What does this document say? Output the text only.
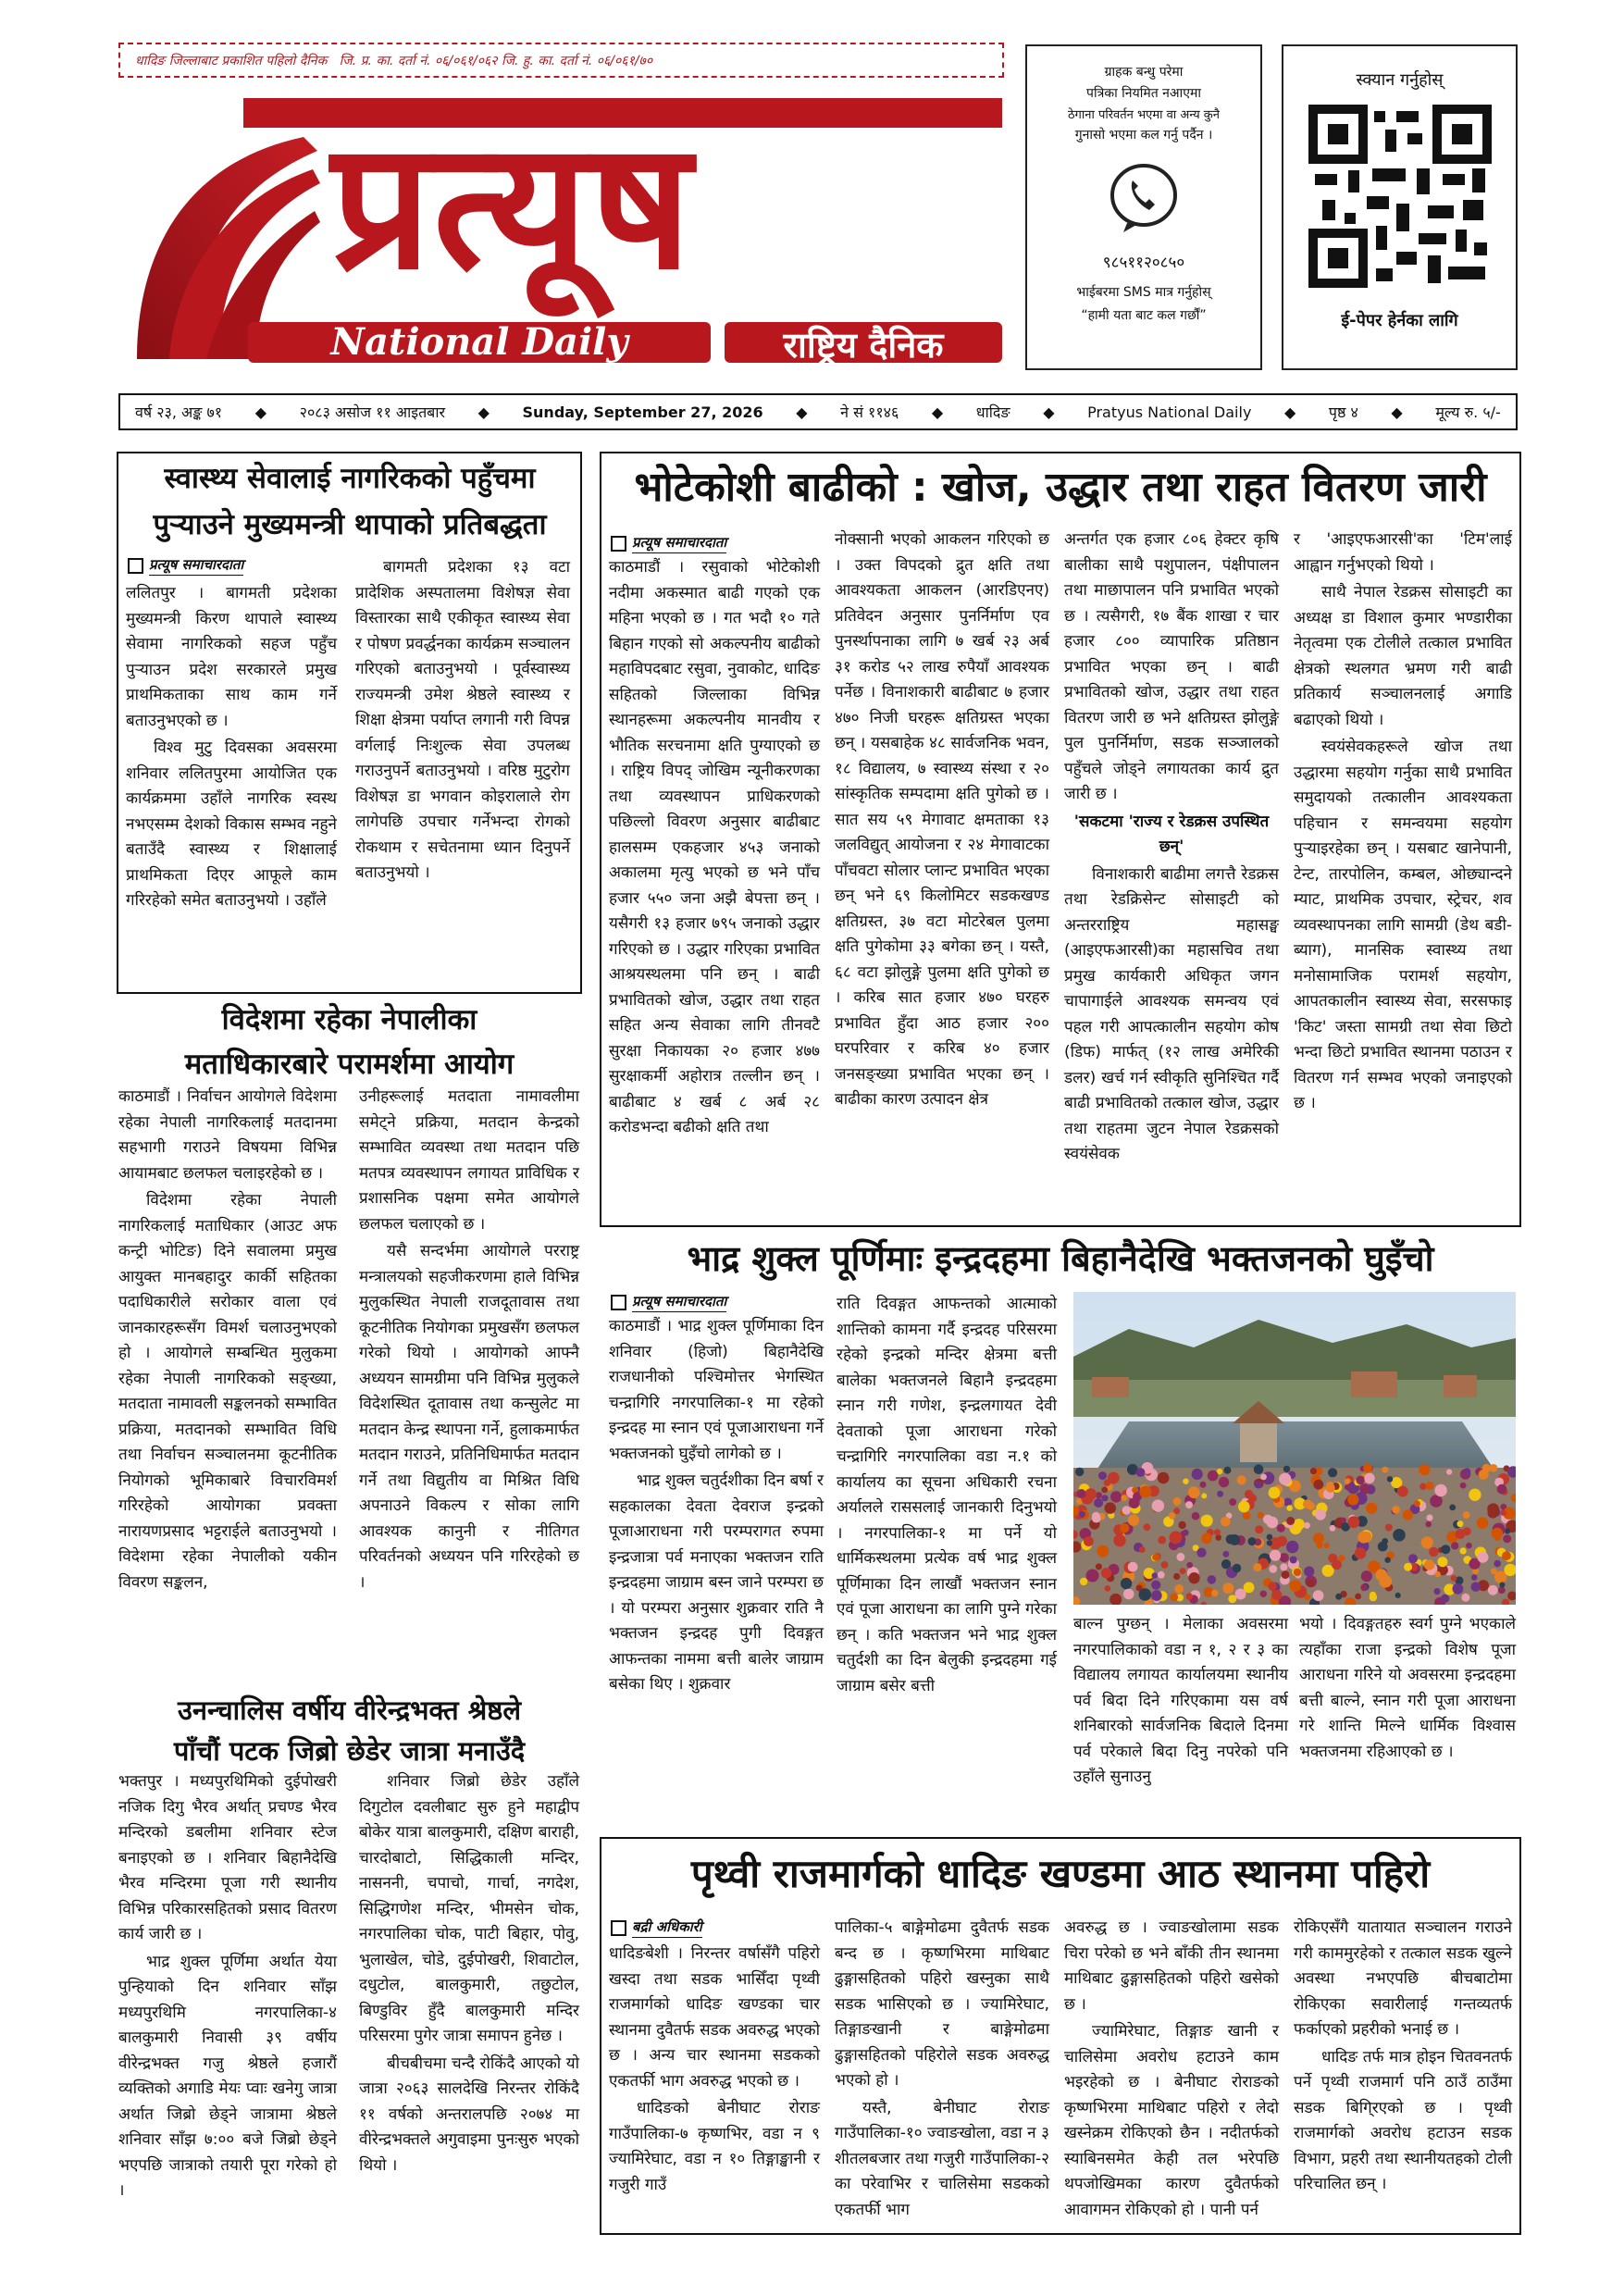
धादिङ जिल्लाबाट प्रकाशित पहिलो दैनिक   जि. प्र. का. दर्ता नं. ०६/०६१/०६२ जि. हु. का. दर्ता नं. ०६/०६१/७०
प्रत्यूष
National Daily	राष्ट्रिय दैनिक
ग्राहक बन्धु परेमा
पत्रिका नियमित नआएमा
ठेगाना परिवर्तन भएमा वा अन्य कुनै
गुनासो भएमा कल गर्नु पर्दैन ।
९८५११२०८५०
भाईबरमा SMS मात्र गर्नुहोस्
“हामी यता बाट कल गर्छौं”
स्क्यान गर्नुहोस्
ई-पेपर हेर्नका लागि
वर्ष २३, अङ्क ७१ ◆ २०८३ असोज ११ आइतबार ◆ Sunday, September 27, 2026 ◆ ने सं ११४६ ◆ धादिङ ◆ Pratyus National Daily ◆ पृष्ठ ४ ◆ मूल्य रु. ५/-
स्वास्थ्य सेवालाई नागरिकको पहुँचमा
पुर्‍याउने मुख्यमन्त्री थापाको प्रतिबद्धता
प्रत्यूष समाचारदाता

ललितपुर । बागमती प्रदेशका मुख्यमन्त्री किरण थापाले स्वास्थ्य सेवामा नागरिकको सहज पहुँच पुर्‍याउन प्रदेश सरकारले प्रमुख प्राथमिकताका साथ काम गर्ने बताउनुभएको छ ।

विश्व मुटु दिवसका अवसरमा शनिवार ललितपुरमा आयोजित एक कार्यक्रममा उहाँले नागरिक स्वस्थ नभएसम्म देशको विकास सम्भव नहुने बताउँदै स्वास्थ्य र शिक्षालाई प्राथमिकता दिएर आफूले काम गरिरहेको समेत बताउनुभयो । उहाँले

बागमती प्रदेशका १३ वटा प्रादेशिक अस्पतालमा विशेषज्ञ सेवा विस्तारका साथै एकीकृत स्वास्थ्य सेवा र पोषण प्रवर्द्धनका कार्यक्रम सञ्चालन गरिएको बताउनुभयो । पूर्वस्वास्थ्य राज्यमन्त्री उमेश श्रेष्ठले स्वास्थ्य र शिक्षा क्षेत्रमा पर्याप्त लगानी गरी विपन्न वर्गलाई निःशुल्क सेवा उपलब्ध गराउनुपर्ने बताउनुभयो । वरिष्ठ मुटुरोग विशेषज्ञ डा भगवान कोइरालाले रोग लागेपछि उपचार गर्नेभन्दा रोगको रोकथाम र सचेतनामा ध्यान दिनुपर्ने बताउनुभयो ।

भोटेकोशी बाढीको : खोज, उद्धार तथा राहत वितरण जारी
प्रत्यूष समाचारदाता

काठमाडौं । रसुवाको भोटेकोशी नदीमा अकस्मात बाढी गएको एक महिना भएको छ । गत भदौ १० गते बिहान गएको सो अकल्पनीय बाढीको महाविपदबाट रसुवा, नुवाकोट, धादिङ सहितको जिल्लाका विभिन्न स्थानहरूमा अकल्पनीय मानवीय र भौतिक सरचनामा क्षति पुग्याएको छ । राष्ट्रिय विपद् जोखिम न्यूनीकरणका तथा व्यवस्थापन प्राधिकरणको पछिल्लो विवरण अनुसार बाढीबाट हालसम्म एकहजार ४५३ जनाको अकालमा मृत्यु भएको छ भने पाँच हजार ५५० जना अझै बेपत्ता छन् । यसैगरी १३ हजार ७९५ जनाको उद्धार गरिएको छ । उद्धार गरिएका प्रभावित आश्रयस्थलमा पनि छन् । बाढी प्रभावितको खोज, उद्धार तथा राहत सहित अन्य सेवाका लागि तीनवटै सुरक्षा निकायका २० हजार ४७७ सुरक्षाकर्मी अहोरात्र तल्लीन छन् । बाढीबाट ४ खर्ब ८ अर्ब २८ करोडभन्दा बढीको क्षति तथा

नोक्सानी भएको आकलन गरिएको छ । उक्त विपदको द्रुत क्षति तथा आवश्यकता आकलन (आरडिएनए) प्रतिवेदन अनुसार पुनर्निर्माण एव पुनर्स्थापनाका लागि ७ खर्ब २३ अर्ब ३१ करोड ५२ लाख रुपैयाँ आवश्यक पर्नेछ । विनाशकारी बाढीबाट ७ हजार ४७० निजी घरहरू क्षतिग्रस्त भएका छन् । यसबाहेक ४८ सार्वजनिक भवन, १८ विद्यालय, ७ स्वास्थ्य संस्था र २० सांस्कृतिक सम्पदामा क्षति पुगेको छ । सात सय ५९ मेगावाट क्षमताका १३ जलविद्युत् आयोजना र २४ मेगावाटका पाँचवटा सोलार प्लान्ट प्रभावित भएका छन् भने ६९ किलोमिटर सडकखण्ड क्षतिग्रस्त, ३७ वटा मोटरेबल पुलमा क्षति पुगेकोमा ३३ बगेका छन् । यस्तै, ६८ वटा झोलुङ्गे पुलमा क्षति पुगेको छ । करिब सात हजार ४७० घरहरु प्रभावित हुँदा आठ हजार २०० घरपरिवार र करिब ४० हजार जनसङ्ख्या प्रभावित भएका छन् । बाढीका कारण उत्पादन क्षेत्र

अन्तर्गत एक हजार ८०६ हेक्टर कृषि बालीका साथै पशुपालन, पंक्षीपालन तथा माछापालन पनि प्रभावित भएको छ । त्यसैगरी, १७ बैंक शाखा र चार हजार ८०० व्यापारिक प्रतिष्ठान प्रभावित भएका छन् । बाढी प्रभावितको खोज, उद्धार तथा राहत वितरण जारी छ भने क्षतिग्रस्त झोलुङ्गे पुल पुनर्निर्माण, सडक सञ्जालको पहुँचले जोड्ने लगायतका कार्य द्रुत जारी छ ।

'सकटमा 'राज्य र रेडक्रस उपस्थित छन्'

विनाशकारी बाढीमा लगत्तै रेडक्रस तथा रेडक्रिसेन्ट सोसाइटी को अन्तरराष्ट्रिय महासङ्घ (आइएफआरसी)का महासचिव तथा प्रमुख कार्यकारी अधिकृत जगन चापागाईले आवश्यक समन्वय एवं पहल गरी आपत्कालीन सहयोग कोष (डिफ) मार्फत् (१२ लाख अमेरिकी डलर) खर्च गर्न स्वीकृति सुनिश्चित गर्दै बाढी प्रभावितको तत्काल खोज, उद्धार तथा राहतमा जुटन नेपाल रेडक्रसको स्वयंसेवक

र 'आइएफआरसी'का 'टिम'लाई आह्वान गर्नुभएको थियो ।

साथै नेपाल रेडक्रस सोसाइटी का अध्यक्ष डा विशाल कुमार भण्डारीका नेतृत्वमा एक टोलीले तत्काल प्रभावित क्षेत्रको स्थलगत भ्रमण गरी बाढी प्रतिकार्य सञ्चालनलाई अगाडि बढाएको थियो ।

स्वयंसेवकहरूले खोज तथा उद्धारमा सहयोग गर्नुका साथै प्रभावित समुदायको तत्कालीन आवश्यकता पहिचान र समन्वयमा सहयोग पुर्‍याइरहेका छन् । यसबाट खानेपानी, टेन्ट, तारपोलिन, कम्बल, ओछ्यान्दने म्याट, प्राथमिक उपचार, स्ट्रेचर, शव व्यवस्थापनका लागि सामग्री (डेथ बडी-ब्याग), मानसिक स्वास्थ्य तथा मनोसामाजिक परामर्श सहयोग, आपतकालीन स्वास्थ्य सेवा, सरसफाइ 'किट' जस्ता सामग्री तथा सेवा छिटो भन्दा छिटो प्रभावित स्थानमा पठाउन र वितरण गर्न सम्भव भएको जनाइएको छ ।

विदेशमा रहेका नेपालीका
मताधिकारबारे परामर्शमा आयोग

काठमाडौं । निर्वाचन आयोगले विदेशमा रहेका नेपाली नागरिकलाई मतदानमा सहभागी गराउने विषयमा विभिन्न आयामबाट छलफल चलाइरहेको छ ।

विदेशमा रहेका नेपाली नागरिकलाई मताधिकार (आउट अफ कन्ट्री भोटिङ) दिने सवालमा प्रमुख आयुक्त मानबहादुर कार्की सहितका पदाधिकारीले सरोकार वाला एवं जानकारहरूसँग विमर्श चलाउनुभएको हो । आयोगले सम्बन्धित मुलुकमा रहेका नेपाली नागरिकको सङ्ख्या, मतदाता नामावली सङ्कलनको सम्भावित प्रक्रिया, मतदानको सम्भावित विधि तथा निर्वाचन सञ्चालनमा कूटनीतिक नियोगको भूमिकाबारे विचारविमर्श गरिरहेको आयोगका प्रवक्ता नारायणप्रसाद भट्टराईले बताउनुभयो । विदेशमा रहेका नेपालीको यकीन विवरण सङ्कलन,

उनीहरूलाई मतदाता नामावलीमा समेट्ने प्रक्रिया, मतदान केन्द्रको सम्भावित व्यवस्था तथा मतदान पछि मतपत्र व्यवस्थापन लगायत प्राविधिक र प्रशासनिक पक्षमा समेत आयोगले छलफल चलाएको छ ।

यसै सन्दर्भमा आयोगले परराष्ट्र मन्त्रालयको सहजीकरणमा हाले विभिन्न मुलुकस्थित नेपाली राजदूतावास तथा कूटनीतिक नियोगका प्रमुखसँग छलफल गरेको थियो । आयोगको आफ्नै अध्ययन सामग्रीमा पनि विभिन्न मुलुकले विदेशस्थित दूतावास तथा कन्सुलेट मा मतदान केन्द्र स्थापना गर्ने, हुलाकमार्फत मतदान गराउने, प्रतिनिधिमार्फत मतदान गर्ने तथा विद्युतीय वा मिश्रित विधि अपनाउने विकल्प र सोका लागि आवश्यक कानुनी र नीतिगत परिवर्तनको अध्ययन पनि गरिरहेको छ ।

उनन्चालिस वर्षीय वीरेन्द्रभक्त श्रेष्ठले
पाँचौं पटक जिब्रो छेडेर जात्रा मनाउँदै

भक्तपुर । मध्यपुरथिमिको दुईपोखरी नजिक दिगु भैरव अर्थात् प्रचण्ड भैरव मन्दिरको डबलीमा शनिवार स्टेज बनाइएको छ । शनिवार बिहानैदेखि भैरव मन्दिरमा पूजा गरी स्थानीय विभिन्न परिकारसहितको प्रसाद वितरण कार्य जारी छ ।

भाद्र शुक्ल पूर्णिमा अर्थात येया पुन्हियाको दिन शनिवार साँझ मध्यपुरथिमि नगरपालिका-४ बालकुमारी निवासी ३९ वर्षीय वीरेन्द्रभक्त गजु श्रेष्ठले हजारौं व्यक्तिको अगाडि मेयः प्वाः खनेगु जात्रा अर्थात जिब्रो छेड्ने जात्रामा श्रेष्ठले शनिवार साँझ ७:०० बजे जिब्रो छेड्ने भएपछि जात्राको तयारी पूरा गरेको हो ।

शनिवार जिब्रो छेडेर उहाँले दिगुटोल दवलीबाट सुरु हुने महाद्वीप बोकेर यात्रा बालकुमारी, दक्षिण बाराही, चारदोबाटो, सिद्धिकाली मन्दिर, नासननी, चपाचो, गार्चा, नगदेश, सिद्धिगणेश मन्दिर, भीमसेन चोक, नगरपालिका चोक, पाटी बिहार, पोवु, भुलाखेल, चोडे, दुईपोखरी, शिवाटोल, दधुटोल, बालकुमारी, तछुटोल, बिण्डुविर हुँदै बालकुमारी मन्दिर परिसरमा पुगेर जात्रा समापन हुनेछ ।

बीचबीचमा चन्दै रोकिंदै आएको यो जात्रा २०६३ सालदेखि निरन्तर रोकिंदै ११ वर्षको अन्तरालपछि २०७४ मा वीरेन्द्रभक्तले अगुवाइमा पुनःसुरु भएको थियो ।

भाद्र शुक्ल पूर्णिमाः इन्द्रदहमा बिहानैदेखि भक्तजनको घुइँचो
प्रत्यूष समाचारदाता

काठमाडौं । भाद्र शुक्ल पूर्णिमाका दिन शनिवार (हिजो) बिहानैदेखि राजधानीको पश्चिमोत्तर भेगस्थित चन्द्रागिरि नगरपालिका-१ मा रहेको इन्द्रदह मा स्नान एवं पूजाआराधना गर्ने भक्तजनको घुइँचो लागेको छ ।

भाद्र शुक्ल चतुर्दशीका दिन बर्षा र सहकालका देवता देवराज इन्द्रको पूजाआराधना गरी परम्परागत रुपमा इन्द्रजात्रा पर्व मनाएका भक्तजन राति इन्द्रदहमा जाग्राम बस्न जाने परम्परा छ । यो परम्परा अनुसार शुक्रवार राति नै भक्तजन इन्द्रदह पुगी दिवङ्गत आफन्तका नाममा बत्ती बालेर जाग्राम बसेका थिए । शुक्रवार

राति दिवङ्गत आफन्तको आत्माको शान्तिको कामना गर्दै इन्द्रदह परिसरमा रहेको इन्द्रको मन्दिर क्षेत्रमा बत्ती बालेका भक्तजनले बिहानै इन्द्रदहमा स्नान गरी गणेश, इन्द्रलगायत देवी देवताको पूजा आराधना गरेको चन्द्रागिरि नगरपालिका वडा न.१ को कार्यालय का सूचना अधिकारी रचना अर्यालले राससलाई जानकारी दिनुभयो । नगरपालिका-१ मा पर्ने यो धार्मिकस्थलमा प्रत्येक वर्ष भाद्र शुक्ल पूर्णिमाका दिन लाखौं भक्तजन स्नान एवं पूजा आराधना का लागि पुग्ने गरेका छन् । कति भक्तजन भने भाद्र शुक्ल चतुर्दशी का दिन बेलुकी इन्द्रदहमा गई जाग्राम बसेर बत्ती

बाल्न पुग्छन् । मेलाका अवसरमा नगरपालिकाको वडा न १, २ र ३ का विद्यालय लगायत कार्यालयमा स्थानीय पर्व बिदा दिने गरिएकामा यस वर्ष शनिबारको सार्वजनिक बिदाले दिनमा पर्व परेकाले बिदा दिनु नपरेको पनि उहाँले सुनाउनु

भयो । दिवङ्गतहरु स्वर्ग पुग्ने भएकाले त्यहाँका राजा इन्द्रको विशेष पूजा आराधना गरिने यो अवसरमा इन्द्रदहमा बत्ती बाल्ने, स्नान गरी पूजा आराधना गरे शान्ति मिल्ने धार्मिक विश्वास भक्तजनमा रहिआएको छ ।

पृथ्वी राजमार्गको धादिङ खण्डमा आठ स्थानमा पहिरो
बद्री अधिकारी

धादिङबेशी । निरन्तर वर्षासँगै पहिरो खस्दा तथा सडक भासिँदा पृथ्वी राजमार्गको धादिङ खण्डका चार स्थानमा दुवैतर्फ सडक अवरुद्ध भएको छ । अन्य चार स्थानमा सडकको एकतर्फी भाग अवरुद्ध भएको छ ।

धादिङको बेनीघाट रोराङ गाउँपालिका-७ कृष्णभिर, वडा न ९ ज्यामिरेघाट, वडा न १० तिङ्गाङ्खानी र गजुरी गाउँ

पालिका-५ बाङ्गेमोढमा दुवैतर्फ सडक बन्द छ । कृष्णभिरमा माथिबाट ढुङ्गासहितको पहिरो खस्नुका साथै सडक भासिएको छ । ज्यामिरेघाट, तिङ्गाङखानी र बाङ्गेमोढमा ढुङ्गासहितको पहिरोले सडक अवरुद्ध भएको हो ।

यस्तै, बेनीघाट रोराङ गाउँपालिका-१० ज्वाङखोला, वडा न ३ शीतलबजार तथा गजुरी गाउँपालिका-२ का परेवाभिर र चालिसेमा सडकको एकतर्फी भाग

अवरुद्ध छ । ज्वाङखोलामा सडक चिरा परेको छ भने बाँकी तीन स्थानमा माथिबाट ढुङ्गासहितको पहिरो खसेको छ ।

ज्यामिरेघाट, तिङ्गाङ खानी र चालिसेमा अवरोध हटाउने काम भइरहेको छ । बेनीघाट रोराङको कृष्णभिरमा माथिबाट पहिरो र लेदो खस्नेक्रम रोकिएको छैन । नदीतर्फको स्याबिनसमेत केही तल भरेपछि थपजोखिमका कारण दुवैतर्फको आवागमन रोकिएको हो । पानी पर्न

रोकिएसँगै यातायात सञ्चालन गराउने गरी काममुरहेको र तत्काल सडक खुल्ने अवस्था नभएपछि बीचबाटोमा रोकिएका सवारीलाई गन्तव्यतर्फ फर्काएको प्रहरीको भनाई छ ।

धादिङ तर्फ मात्र होइन चितवनतर्फ पर्ने पृथ्वी राजमार्ग पनि ठाउँ ठाउँमा सडक बिगि्रएको छ । पृथ्वी राजमार्गको अवरोध हटाउन सडक विभाग, प्रहरी तथा स्थानीयतहको टोली परिचालित छन् ।
